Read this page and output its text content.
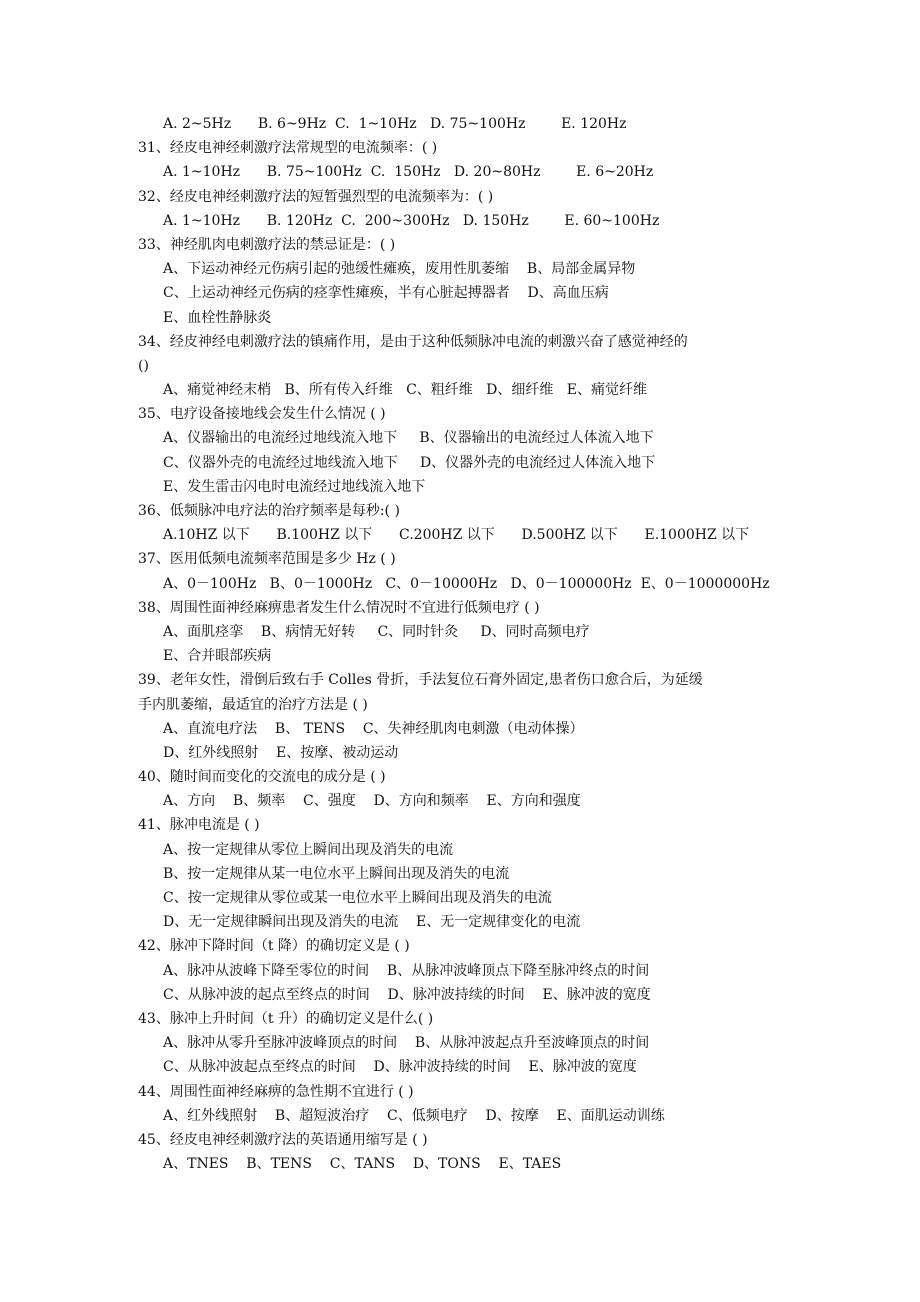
A. 2~5Hz      B. 6~9Hz  C.  1~10Hz   D. 75~100Hz        E. 120Hz
31、经皮电神经刺激疗法常规型的电流频率：( )
A. 1~10Hz      B. 75~100Hz  C.  150Hz   D. 20~80Hz        E. 6~20Hz
32、经皮电神经刺激疗法的短暂强烈型的电流频率为：( )
A. 1~10Hz      B. 120Hz  C.  200~300Hz   D. 150Hz        E. 60~100Hz
33、神经肌肉电刺激疗法的禁忌证是：( )
A、下运动神经元伤病引起的弛缓性瘫痪，废用性肌萎缩    B、局部金属异物
C、上运动神经元伤病的痉挛性瘫痪，半有心脏起搏器者    D、高血压病
E、血栓性静脉炎
34、经皮神经电刺激疗法的镇痛作用，是由于这种低频脉冲电流的刺激兴奋了感觉神经的
()
A、痛觉神经末梢   B、所有传入纤维   C、粗纤维   D、细纤维   E、痛觉纤维
35、电疗设备接地线会发生什么情况 ( )
A、仪器输出的电流经过地线流入地下     B、仪器输出的电流经过人体流入地下
C、仪器外壳的电流经过地线流入地下     D、仪器外壳的电流经过人体流入地下
E、发生雷击闪电时电流经过地线流入地下
36、低频脉冲电疗法的治疗频率是每秒:( )
A.10HZ 以下      B.100HZ 以下      C.200HZ 以下      D.500HZ 以下      E.1000HZ 以下
37、医用低频电流频率范围是多少 Hz ( )
A、0－100Hz   B、0－1000Hz   C、0－10000Hz   D、0－100000Hz  E、0－1000000Hz
38、周围性面神经麻痹患者发生什么情况时不宜进行低频电疗 ( )
A、面肌痉挛    B、病情无好转     C、同时针灸     D、同时高频电疗
E、合并眼部疾病
39、老年女性，滑倒后致右手 Colles 骨折，手法复位石膏外固定,患者伤口愈合后，为延缓
手内肌萎缩，最适宜的治疗方法是 ( )
A、直流电疗法    B、 TENS    C、失神经肌肉电刺激（电动体操）
D、红外线照射    E、按摩、被动运动
40、随时间而变化的交流电的成分是 ( )
A、方向    B、频率    C、强度    D、方向和频率    E、方向和强度
41、脉冲电流是 ( )
A、按一定规律从零位上瞬间出现及消失的电流
B、按一定规律从某一电位水平上瞬间出现及消失的电流
C、按一定规律从零位或某一电位水平上瞬间出现及消失的电流
D、无一定规律瞬间出现及消失的电流    E、无一定规律变化的电流
42、脉冲下降时间（t 降）的确切定义是 ( )
A、脉冲从波峰下降至零位的时间    B、从脉冲波峰顶点下降至脉冲终点的时间
C、从脉冲波的起点至终点的时间    D、脉冲波持续的时间    E、脉冲波的宽度
43、脉冲上升时间（t 升）的确切定义是什么( )
A、脉冲从零升至脉冲波峰顶点的时间    B、从脉冲波起点升至波峰顶点的时间
C、从脉冲波起点至终点的时间    D、脉冲波持续的时间    E、脉冲波的宽度
44、周围性面神经麻痹的急性期不宜进行 ( )
A、红外线照射    B、超短波治疗    C、低频电疗    D、按摩    E、面肌运动训练
45、经皮电神经刺激疗法的英语通用缩写是 ( )
A、TNES    B、TENS    C、TANS    D、TONS    E、TAES
